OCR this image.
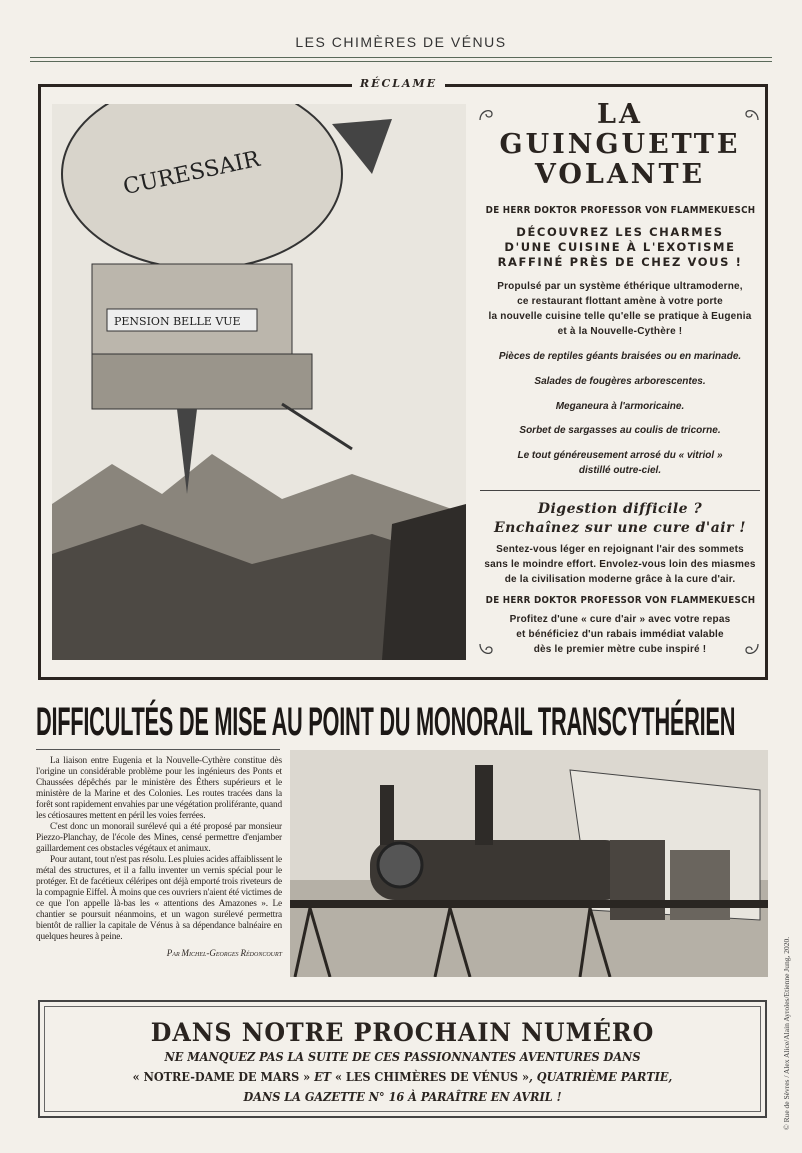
LES CHIMÈRES DE VÉNUS
RÉCLAME
CURESSAIR
PENSION BELLE VUE
LA
GUINGUETTE
VOLANTE
DE HERR DOKTOR PROFESSOR VON FLAMMEKÜESCH
DÉCOUVREZ LES CHARMES
D'UNE CUISINE À L'EXOTISME
RAFFINÉ PRÈS DE CHEZ VOUS !
Propulsé par un système éthérique ultramoderne,
ce restaurant flottant amène à votre porte
la nouvelle cuisine telle qu'elle se pratique à Eugenia
et à la Nouvelle-Cythère !
Pièces de reptiles géants braisées ou en marinade.
Salades de fougères arborescentes.
Meganeura à l'armoricaine.
Sorbet de sargasses au coulis de tricorne.
Le tout généreusement arrosé du « vitriol »
distillé outre-ciel.
Digestion difficile ?
Enchaînez sur une cure d'air !
Sentez-vous léger en rejoignant l'air des sommets
sans le moindre effort. Envolez-vous loin des miasmes
de la civilisation moderne grâce à la cure d'air.
DE HERR DOKTOR PROFESSOR VON FLAMMEKÜESCH
Profitez d'une « cure d'air » avec votre repas
et bénéficiez d'un rabais immédiat valable
dès le premier mètre cube inspiré !
DIFFICULTÉS DE MISE AU POINT DU MONORAIL TRANSCYTHÉRIEN

La liaison entre Eugenia et la Nouvelle-Cythère constitue dès l'origine un considérable problème pour les ingénieurs des Ponts et Chaussées dépêchés par le ministère des Éthers supérieurs et le ministère de la Marine et des Colonies. Les routes tracées dans la forêt sont rapidement envahies par une végétation proliférante, quand les cétiosaures mettent en péril les voies ferrées.

C'est donc un monorail surélevé qui a été proposé par monsieur Piezzo-Planchay, de l'école des Mines, censé permettre d'enjamber gaillardement ces obstacles végétaux et animaux.

Pour autant, tout n'est pas résolu. Les pluies acides affaiblissent le métal des structures, et il a fallu inventer un vernis spécial pour le protéger. Et de facétieux céléripes ont déjà emporté trois riveteurs de la compagnie Eiffel. À moins que ces ouvriers n'aient été victimes de ce que l'on appelle là-bas les « attentions des Amazones ». Le chantier se poursuit néanmoins, et un wagon surélevé permettra bientôt de rallier la capitale de Vénus à sa dépendance balnéaire en quelques heures à peine.

Par Michel-Georges Rédoncourt
DANS NOTRE PROCHAIN NUMÉRO
NE MANQUEZ PAS LA SUITE DE CES PASSIONNANTES AVENTURES DANS
« NOTRE-DAME DE MARS » ET « LES CHIMÈRES DE VÉNUS », QUATRIÈME PARTIE,
DANS LA GAZETTE N° 16 À PARAÎTRE EN AVRIL !	© Rue de Sèvres / Alex Alice/Alain Ayroles/Etienne Jung, 2020.
